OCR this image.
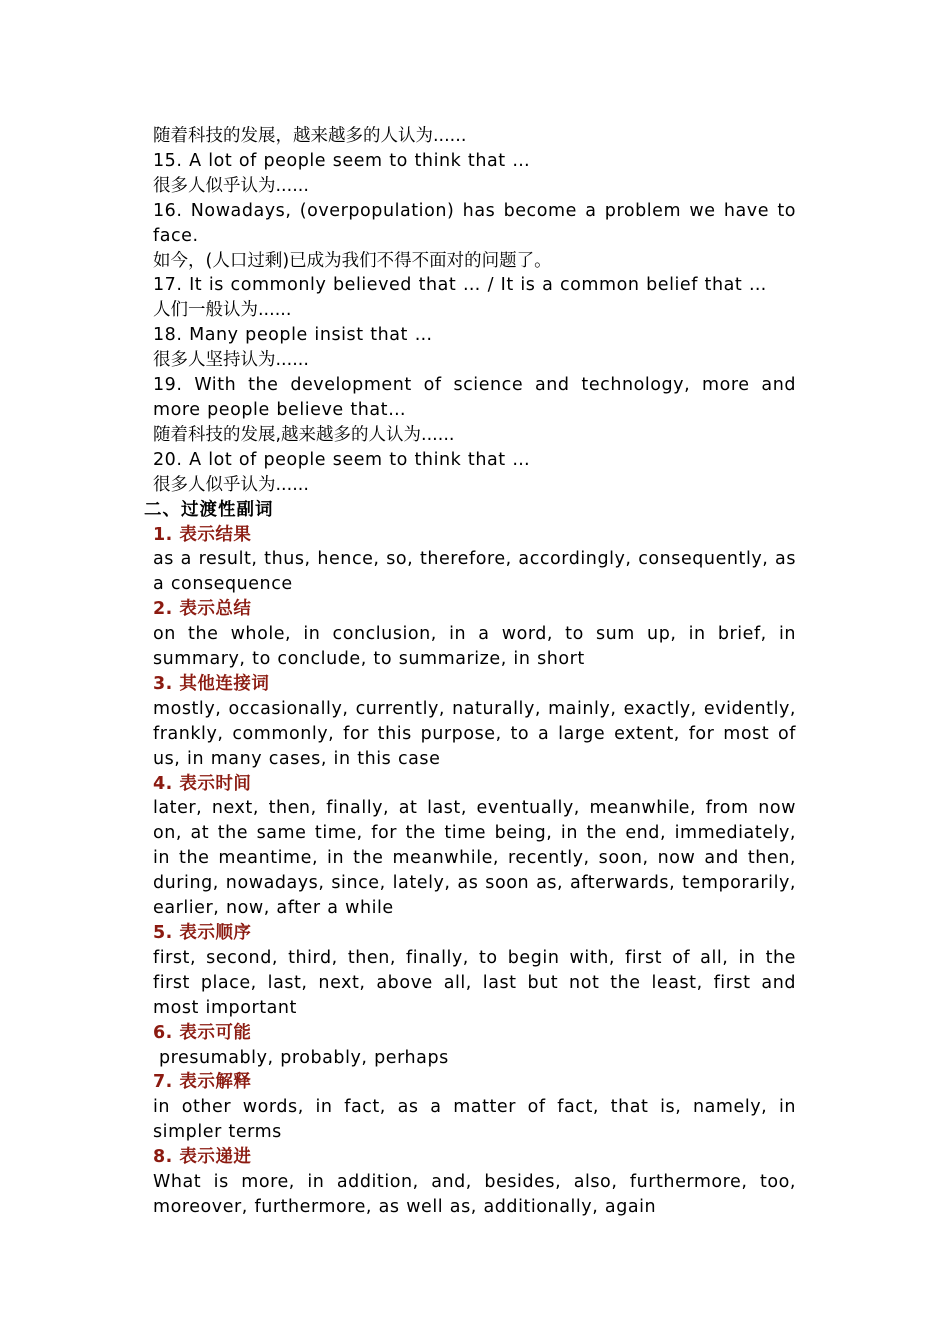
随着科技的发展，越来越多的人认为......
15. A lot of people seem to think that …
很多人似乎认为......
16. Nowadays, (overpopulation) has become a problem we have to face.
如今，(人口过剩)已成为我们不得不面对的问题了。
17. It is commonly believed that … / It is a common belief that …
人们一般认为......
18. Many people insist that …
很多人坚持认为......
19. With the development of science and technology, more and more people believe that…
随着科技的发展,越来越多的人认为......
20. A lot of people seem to think that …
很多人似乎认为......
二、过渡性副词
1. 表示结果
as a result, thus, hence, so, therefore, accordingly, consequently, as a consequence
2. 表示总结
on the whole, in conclusion, in a word, to sum up, in brief, in summary, to conclude, to summarize, in short
3. 其他连接词
mostly, occasionally, currently, naturally, mainly, exactly, evidently, frankly, commonly, for this purpose, to a large extent, for most of us, in many cases, in this case
4. 表示时间
later, next, then, finally, at last, eventually, meanwhile, from now on, at the same time, for the time being, in the end, immediately, in the meantime, in the meanwhile, recently, soon, now and then, during, nowadays, since, lately, as soon as, afterwards, temporarily, earlier, now, after a while
5. 表示顺序
first, second, third, then, finally, to begin with, first of all, in the first place, last, next, above all, last but not the least, first and most important
6. 表示可能
presumably, probably, perhaps
7. 表示解释
in other words, in fact, as a matter of fact, that is, namely, in simpler terms
8. 表示递进
What is more, in addition, and, besides, also, furthermore, too, moreover, furthermore, as well as, additionally, again
